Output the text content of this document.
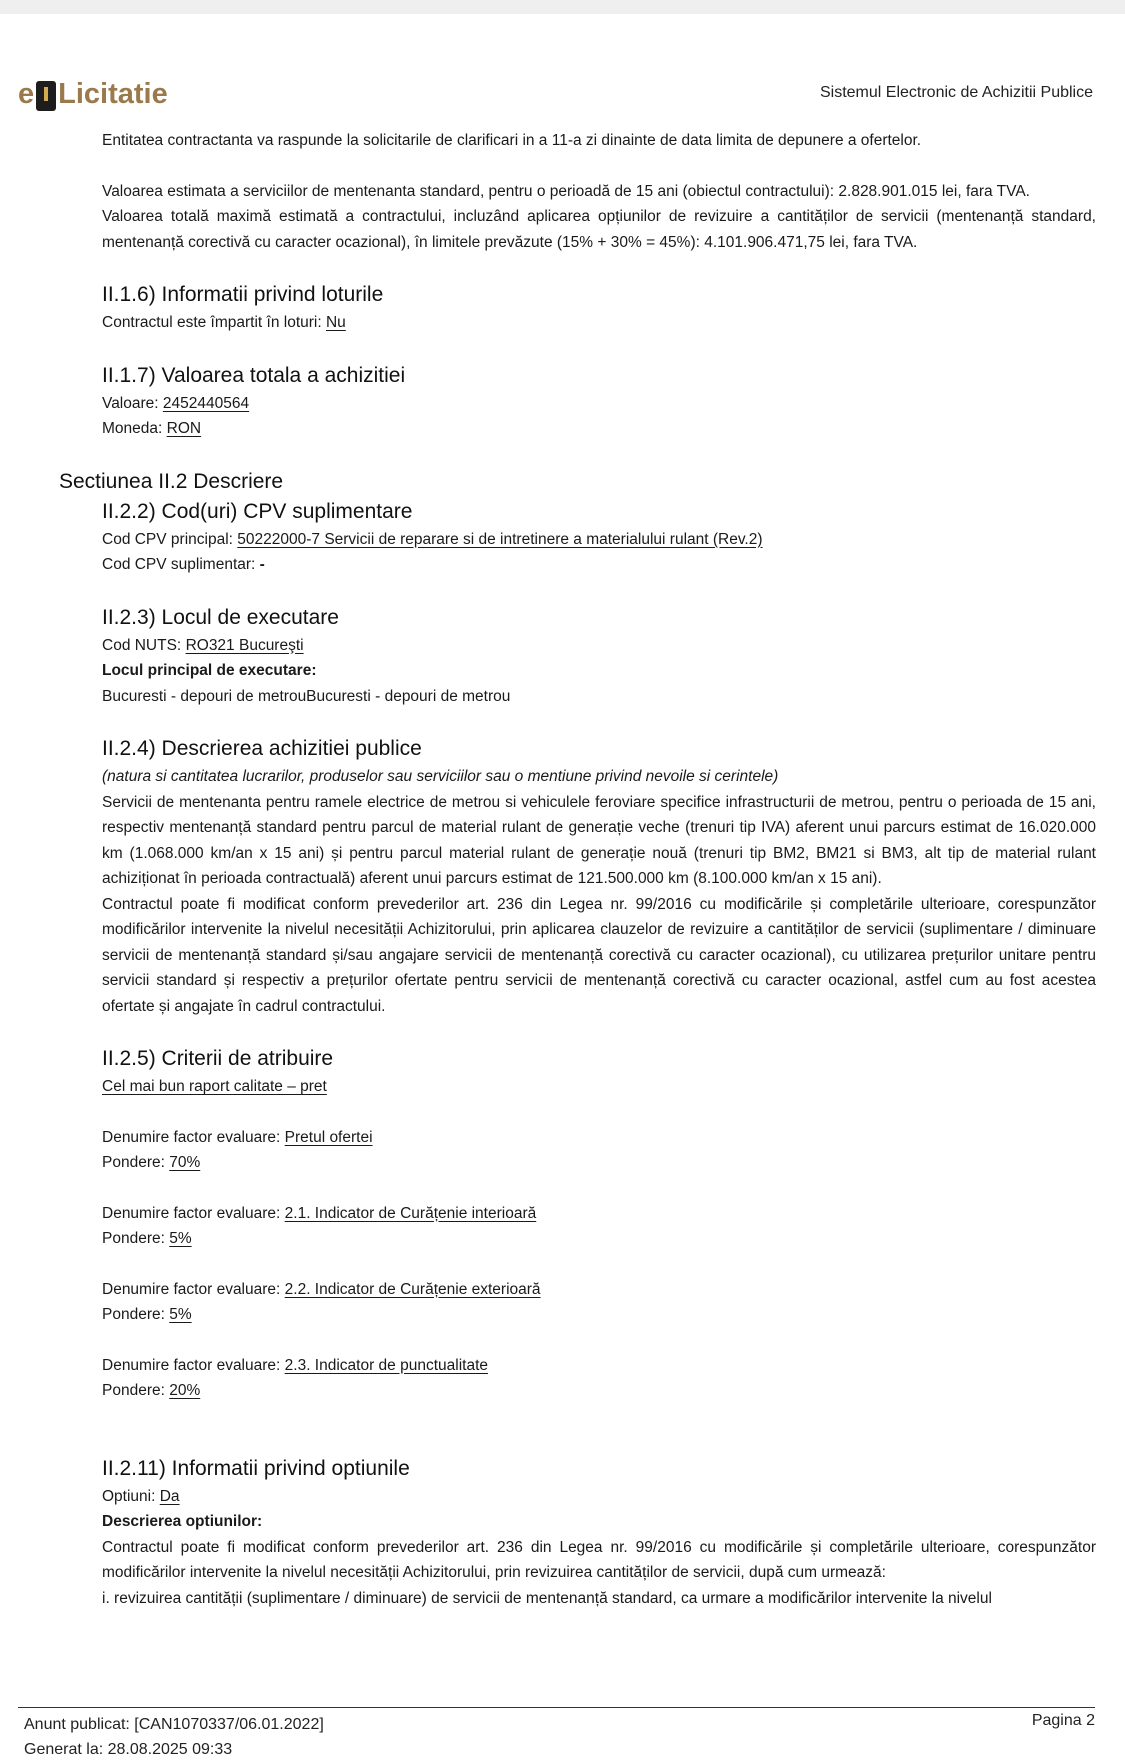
e Licitatie	Sistemul Electronic de Achizitii Publice

Entitatea contractanta va raspunde la solicitarile de clarificari in a 11-a zi dinainte de data limita de depunere a ofertelor.

Valoarea estimata a serviciilor de mentenanta standard, pentru o perioadă de 15 ani (obiectul contractului): 2.828.901.015 lei, fara TVA.

Valoarea totală maximă estimată a contractului, incluzând aplicarea opțiunilor de revizuire a cantităților de servicii (mentenanță standard, mentenanță corectivă cu caracter ocazional), în limitele prevăzute (15% + 30% = 45%): 4.101.906.471,75 lei, fara TVA.

II.1.6) Informatii privind loturile

Contractul este împartit în loturi: Nu

II.1.7) Valoarea totala a achizitiei

Valoare: 2452440564

Moneda: RON

Sectiunea II.2 Descriere
II.2.2) Cod(uri) CPV suplimentare

Cod CPV principal: 50222000-7 Servicii de reparare si de intretinere a materialului rulant (Rev.2)

Cod CPV suplimentar: -

II.2.3) Locul de executare

Cod NUTS: RO321 Bucureşti

Locul principal de executare:

Bucuresti - depouri de metrouBucuresti - depouri de metrou

II.2.4) Descrierea achizitiei publice

(natura si cantitatea lucrarilor, produselor sau serviciilor sau o mentiune privind nevoile si cerintele)

Servicii de mentenanta pentru ramele electrice de metrou si vehiculele feroviare specifice infrastructurii de metrou, pentru o perioada de 15 ani, respectiv mentenanță standard pentru parcul de material rulant de generație veche (trenuri tip IVA) aferent unui parcurs estimat de 16.020.000 km (1.068.000 km/an x 15 ani) și pentru parcul material rulant de generație nouă (trenuri tip BM2, BM21 si BM3, alt tip de material rulant achiziționat în perioada contractuală) aferent unui parcurs estimat de 121.500.000 km (8.100.000 km/an x 15 ani).

Contractul poate fi modificat conform prevederilor art. 236 din Legea nr. 99/2016 cu modificările și completările ulterioare, corespunzător modificărilor intervenite la nivelul necesității Achizitorului, prin aplicarea clauzelor de revizuire a cantităților de servicii (suplimentare / diminuare servicii de mentenanță standard și/sau angajare servicii de mentenanță corectivă cu caracter ocazional), cu utilizarea prețurilor unitare pentru servicii standard și respectiv a prețurilor ofertate pentru servicii de mentenanță corectivă cu caracter ocazional, astfel cum au fost acestea ofertate și angajate în cadrul contractului.

II.2.5) Criterii de atribuire

Cel mai bun raport calitate – pret

Denumire factor evaluare: Pretul ofertei

Pondere: 70%

Denumire factor evaluare: 2.1. Indicator de Curățenie interioară

Pondere: 5%

Denumire factor evaluare: 2.2. Indicator de Curățenie exterioară

Pondere: 5%

Denumire factor evaluare: 2.3. Indicator de punctualitate

Pondere: 20%

II.2.11) Informatii privind optiunile

Optiuni: Da

Descrierea optiunilor:

Contractul poate fi modificat conform prevederilor art. 236 din Legea nr. 99/2016 cu modificările și completările ulterioare, corespunzător modificărilor intervenite la nivelul necesității Achizitorului, prin revizuirea cantităților de servicii, după cum urmează:

i. revizuirea cantității (suplimentare / diminuare) de servicii de mentenanță standard, ca urmare a modificărilor intervenite la nivelul

Anunt publicat: [CAN1070337/06.01.2022]
Generat la: 28.08.2025 09:33
Pagina 2
